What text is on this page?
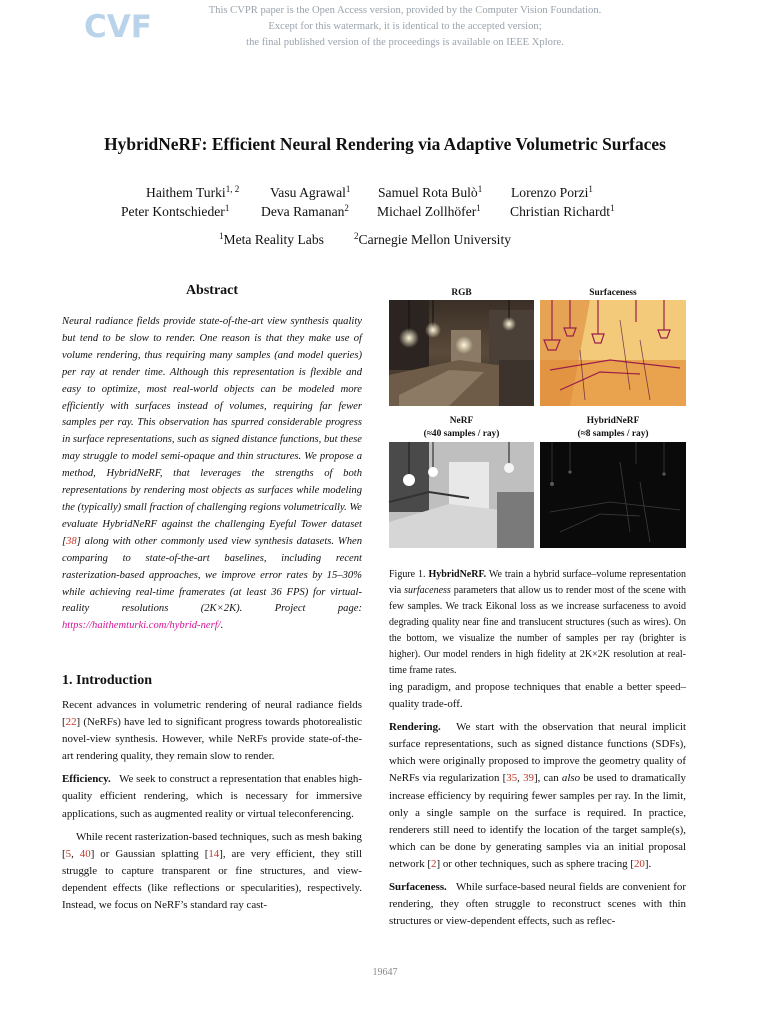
CVF	This CVPR paper is the Open Access version, provided by the Computer Vision Foundation.
Except for this watermark, it is identical to the accepted version;
the final published version of the proceedings is available on IEEE Xplore.
HybridNeRF: Efficient Neural Rendering via Adaptive Volumetric Surfaces
Haithem Turki$^{1, 2}$ Vasu Agrawal$^1$ Samuel Rota Bulò$^1$ Lorenzo Porzi$^1$
Peter Kontschieder$^1$ Deva Ramanan$^2$ Michael Zollhöfer$^1$ Christian Richardt$^1$
$^1$Meta Reality Labs	$^2$Carnegie Mellon University
Abstract
Neural radiance fields provide state-of-the-art view synthesis quality but tend to be slow to render. One reason is that they make use of volume rendering, thus requiring many samples (and model queries) per ray at render time. Although this representation is flexible and easy to optimize, most real-world objects can be modeled more efficiently with surfaces instead of volumes, requiring far fewer samples per ray. This observation has spurred considerable progress in surface representations, such as signed distance functions, but these may struggle to model semi-opaque and thin structures. We propose a method, HybridNeRF, that leverages the strengths of both representations by rendering most objects as surfaces while modeling the (typically) small fraction of challenging regions volumetrically. We evaluate HybridNeRF against the challenging Eyeful Tower dataset [38] along with other commonly used view synthesis datasets. When comparing to state-of-the-art baselines, including recent rasterization-based approaches, we improve error rates by 15–30% while achieving real-time framerates (at least 36 FPS) for virtual-reality resolutions (2K×2K). Project page: https://haithemturki.com/hybrid-nerf/.
RGB	Surfaceness
NeRF
(≈40 samples / ray)
HybridNeRF
(≈8 samples / ray)
Figure 1. HybridNeRF. We train a hybrid surface–volume representation via surfaceness parameters that allow us to render most of the scene with few samples. We track Eikonal loss as we increase surfaceness to avoid degrading quality near fine and translucent structures (such as wires). On the bottom, we visualize the number of samples per ray (brighter is higher). Our model renders in high fidelity at 2K×2K resolution at real-time frame rates.
1. Introduction

Recent advances in volumetric rendering of neural radiance fields [22] (NeRFs) have led to significant progress towards photorealistic novel-view synthesis. However, while NeRFs provide state-of-the-art rendering quality, they remain slow to render.

Efficiency. We seek to construct a representation that enables high-quality efficient rendering, which is necessary for immersive applications, such as augmented reality or virtual teleconferencing.

While recent rasterization-based techniques, such as mesh baking [5, 40] or Gaussian splatting [14], are very efficient, they still struggle to capture transparent or fine structures, and view-dependent effects (like reflections or specularities), respectively. Instead, we focus on NeRF’s standard ray cast-

ing paradigm, and propose techniques that enable a better speed–quality trade-off.

Rendering. We start with the observation that neural implicit surface representations, such as signed distance functions (SDFs), which were originally proposed to improve the geometry quality of NeRFs via regularization [35, 39], can also be used to dramatically increase efficiency by requiring fewer samples per ray. In the limit, only a single sample on the surface is required. In practice, renderers still need to identify the location of the target sample(s), which can be done by generating samples via an initial proposal network [2] or other techniques, such as sphere tracing [20].

Surfaceness. While surface-based neural fields are convenient for rendering, they often struggle to reconstruct scenes with thin structures or view-dependent effects, such as reflec-

19647
